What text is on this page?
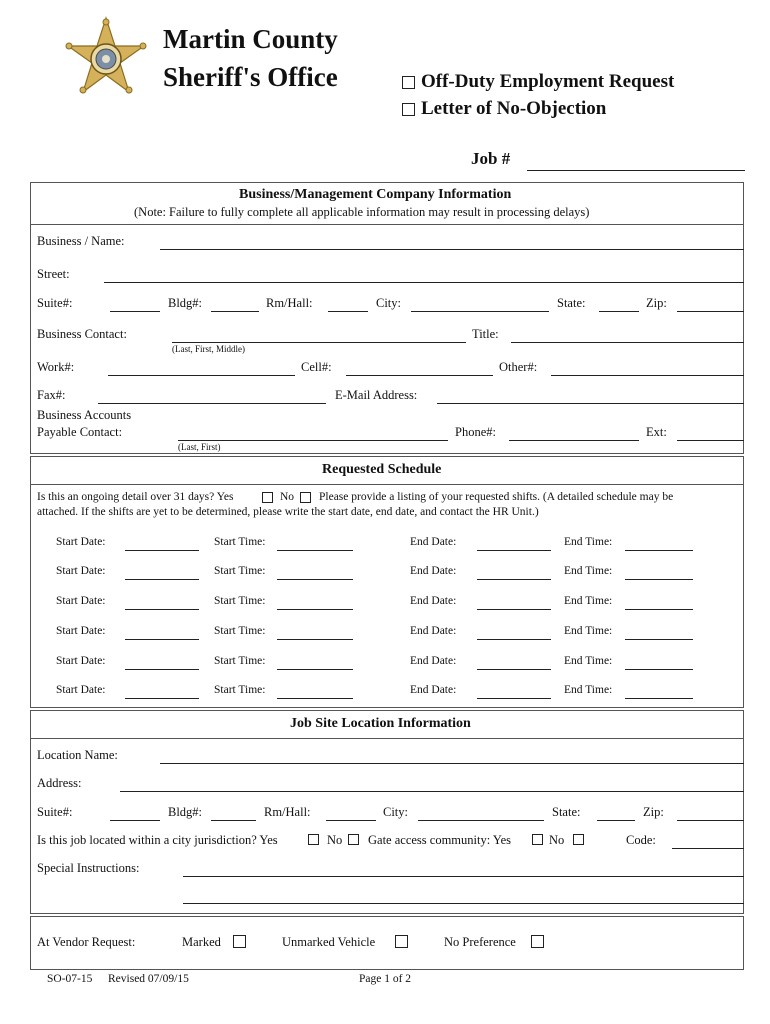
Martin County
Sheriff's Office	Off-Duty Employment Request
Letter of No-Objection
Job #
Business/Management Company Information
(Note: Failure to fully complete all applicable information may result in processing delays)
Business / Name:
Street:
Suite#:	Bldg#:	Rm/Hall:	City:	State:	Zip:
Business Contact:	Title:
(Last, First, Middle)
Work#:	Cell#:	Other#:
Fax#:	E-Mail Address:
Business Accounts
Payable Contact:	Phone#:	Ext:
(Last, First)
Requested Schedule
Is this an ongoing detail over 31 days? Yes	No Please provide a listing of your requested shifts. (A detailed schedule may be
attached. If the shifts are yet to be determined, please write the start date, end date, and contact the HR Unit.)
Start Date:	Start Time:	End Date:	End Time:
Start Date:	Start Time:	End Date:	End Time:
Start Date:	Start Time:	End Date:	End Time:
Start Date:	Start Time:	End Date:	End Time:
Start Date:	Start Time:	End Date:	End Time:
Start Date:	Start Time:	End Date:	End Time:
Job Site Location Information
Location Name:
Address:
Suite#:	Bldg#:	Rm/Hall:	City:	State:	Zip:
Is this job located within a city jurisdiction? Yes	No Gate access community: Yes	No	Code:
Special Instructions:
At Vendor Request:	Marked	Unmarked Vehicle	No Preference
SO-07-15 Revised 07/09/15	Page 1 of 2
